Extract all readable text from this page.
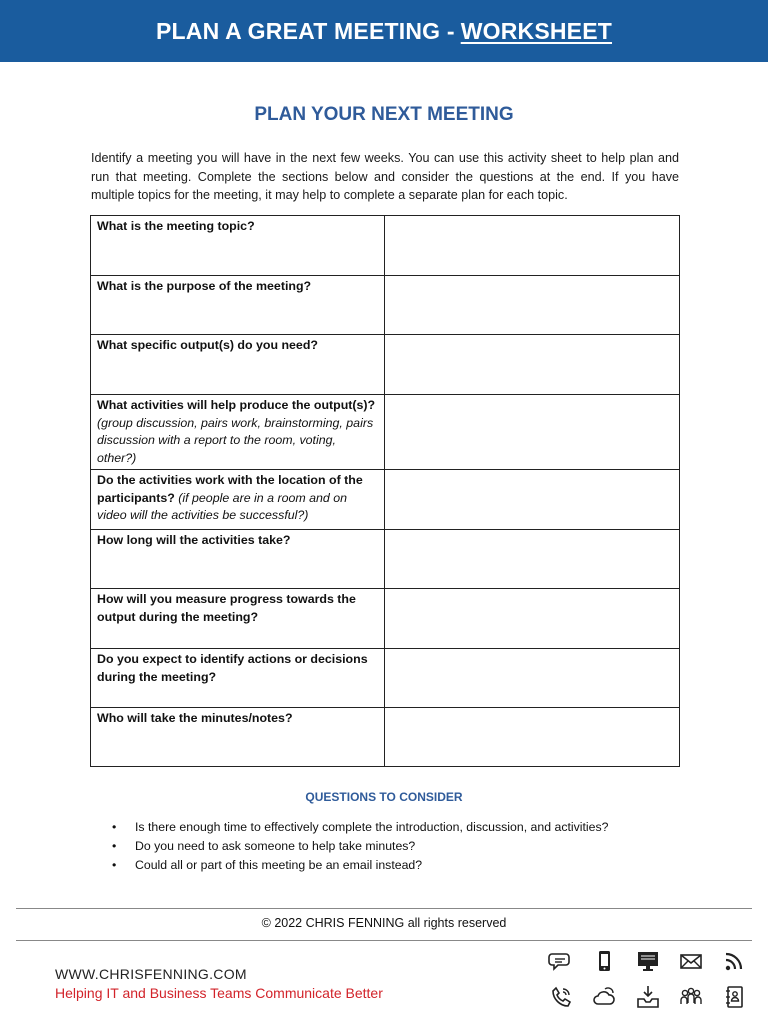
PLAN A GREAT MEETING - WORKSHEET
PLAN YOUR NEXT MEETING
Identify a meeting you will have in the next few weeks. You can use this activity sheet to help plan and run that meeting. Complete the sections below and consider the questions at the end. If you have multiple topics for the meeting, it may help to complete a separate plan for each topic.
What is the meeting topic?	
What is the purpose of the meeting?	
What specific output(s) do you need?	
What activities will help produce the output(s)? (group discussion, pairs work, brainstorming, pairs discussion with a report to the room, voting, other?)	
Do the activities work with the location of the participants? (if people are in a room and on video will the activities be successful?)	
How long will the activities take?	
How will you measure progress towards the output during the meeting?	
Do you expect to identify actions or decisions during the meeting?	
Who will take the minutes/notes?	
QUESTIONS TO CONSIDER
• Is there enough time to effectively complete the introduction, discussion, and activities?
• Do you need to ask someone to help take minutes?
• Could all or part of this meeting be an email instead?
© 2022 CHRIS FENNING all rights reserved
WWW.CHRISFENNING.COM
Helping IT and Business Teams Communicate Better
